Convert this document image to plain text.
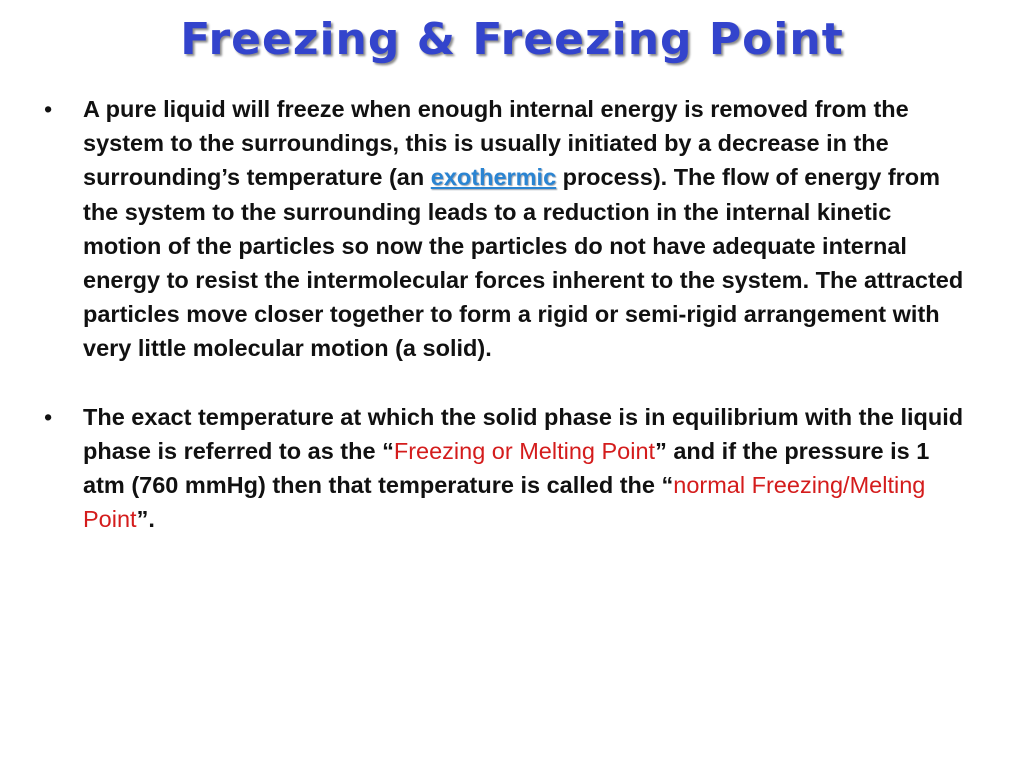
Freezing & Freezing Point
• A pure liquid will freeze when enough internal energy is removed from the system to the surroundings, this is usually initiated by a decrease in the surrounding’s temperature (an exothermic process). The flow of energy from the system to the surrounding leads to a reduction in the internal kinetic motion of the particles so now the particles do not have adequate internal energy to resist the intermolecular forces inherent to the system. The attracted particles move closer together to form a rigid or semi-rigid arrangement with very little molecular motion (a solid).
• The exact temperature at which the solid phase is in equilibrium with the liquid phase is referred to as the “Freezing or Melting Point” and if the pressure is 1 atm (760 mmHg) then that temperature is called the “normal Freezing/Melting Point”.
